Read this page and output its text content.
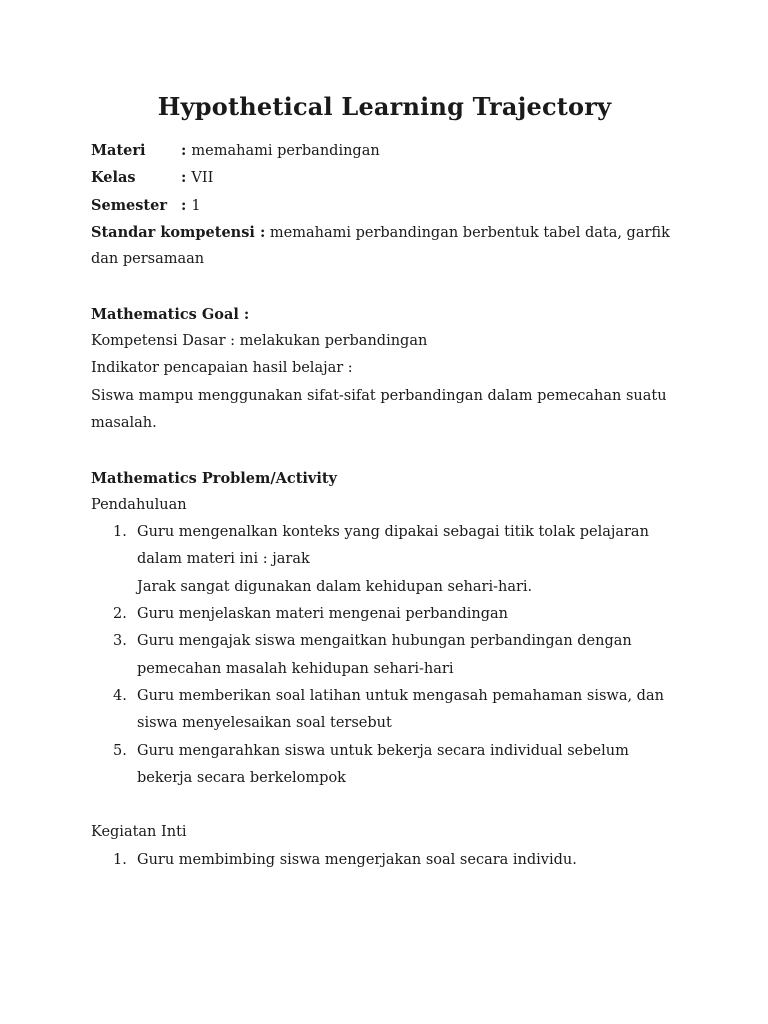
Hypothetical Learning Trajectory
Materi : memahami perbandingan
Kelas	: VII
Semester : 1
Standar kompetensi : memahami perbandingan berbentuk tabel data, garfik
dan persamaan
Mathematics Goal :
Kompetensi Dasar : melakukan perbandingan
Indikator pencapaian hasil belajar :
Siswa mampu menggunakan sifat-sifat perbandingan dalam pemecahan suatu
masalah.
Mathematics Problem/Activity
Pendahuluan
1. Guru mengenalkan konteks yang dipakai sebagai titik tolak pelajaran
dalam materi ini : jarak
Jarak sangat digunakan dalam kehidupan sehari-hari.
2. Guru menjelaskan materi mengenai perbandingan
3. Guru mengajak siswa mengaitkan hubungan perbandingan dengan
pemecahan masalah kehidupan sehari-hari
4. Guru memberikan soal latihan untuk mengasah pemahaman siswa, dan
siswa menyelesaikan soal tersebut
5. Guru mengarahkan siswa untuk bekerja secara individual sebelum
bekerja secara berkelompok
Kegiatan Inti
1. Guru membimbing siswa mengerjakan soal secara individu.
